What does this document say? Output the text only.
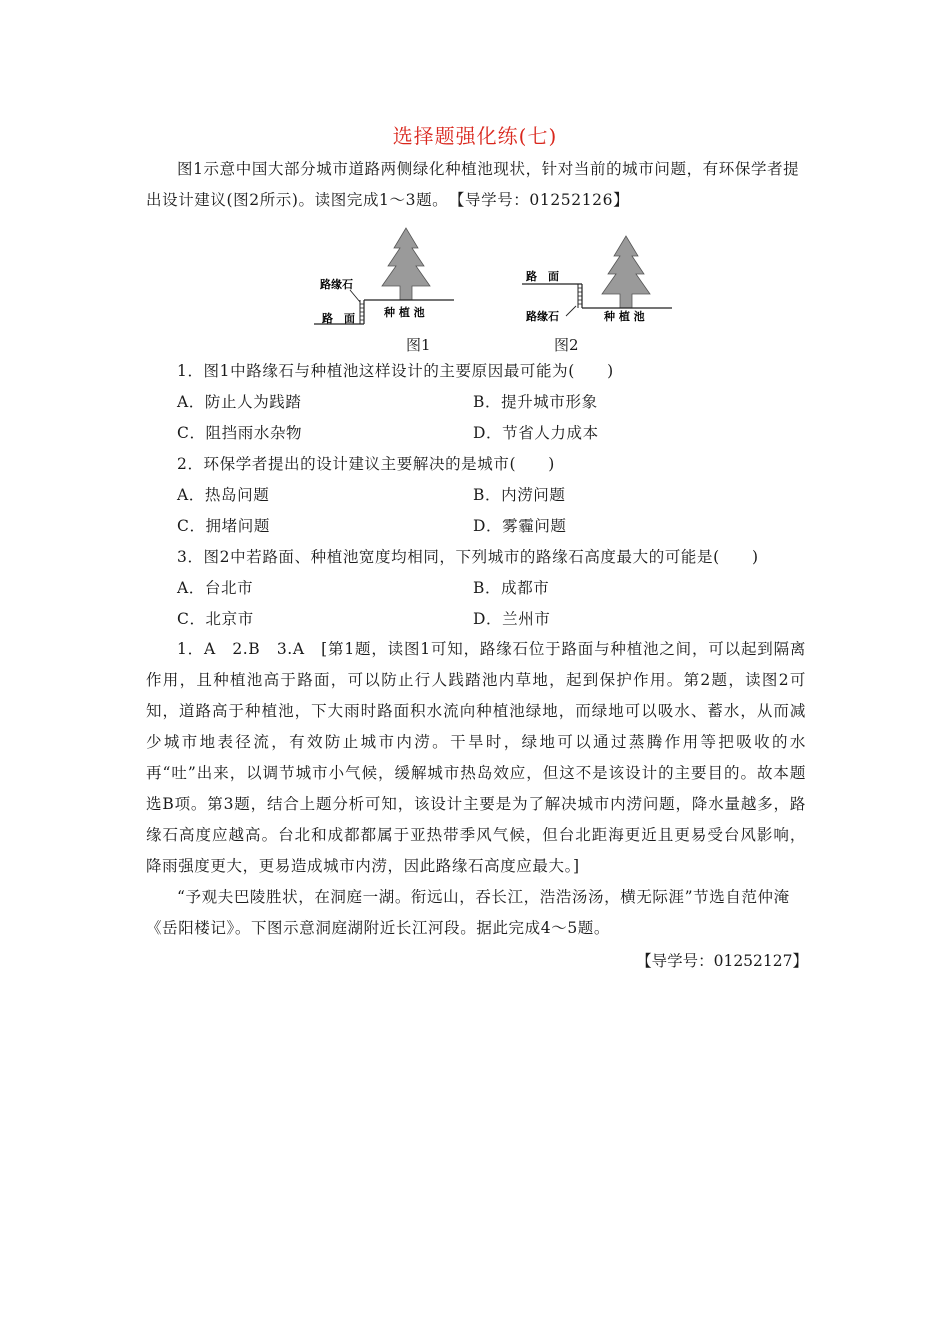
选择题强化练(七)
图1示意中国大部分城市道路两侧绿化种植池现状，针对当前的城市问题，有环保学者提出设计建议(图2所示)。读图完成1～3题。　 【导学号：01252126】
路缘石
路　面	种 植 池
路　面
路缘石	种 植 池
图1	图2
1．图1中路缘石与种植池这样设计的主要原因最可能为(　　)
A．防止人为践踏	B．提升城市形象
C．阻挡雨水杂物	D．节省人力成本
2．环保学者提出的设计建议主要解决的是城市(　　)
A．热岛问题	B．内涝问题
C．拥堵问题	D．雾霾问题
3．图2中若路面、种植池宽度均相同，下列城市的路缘石高度最大的可能是(　　)
A．台北市	B．成都市
C．北京市	D．兰州市
1．A　2.B　3.A　[第1题，读图1可知，路缘石位于路面与种植池之间，可以起到隔离作用，且种植池高于路面，可以防止行人践踏池内草地，起到保护作用。第2题，读图2可知，道路高于种植池，下大雨时路面积水流向种植池绿地，而绿地可以吸水、蓄水，从而减少城市地表径流，有效防止城市内涝。干旱时，绿地可以通过蒸腾作用等把吸收的水再“吐”出来，以调节城市小气候，缓解城市热岛效应，但这不是该设计的主要目的。故本题选B项。第3题，结合上题分析可知，该设计主要是为了解决城市内涝问题，降水量越多，路缘石高度应越高。台北和成都都属于亚热带季风气候，但台北距海更近且更易受台风影响，降雨强度更大，更易造成城市内涝，因此路缘石高度应最大。]
“予观夫巴陵胜状，在洞庭一湖。衔远山，吞长江，浩浩汤汤，横无际涯”节选自范仲淹《岳阳楼记》。下图示意洞庭湖附近长江河段。据此完成4～5题。
【导学号：01252127】
